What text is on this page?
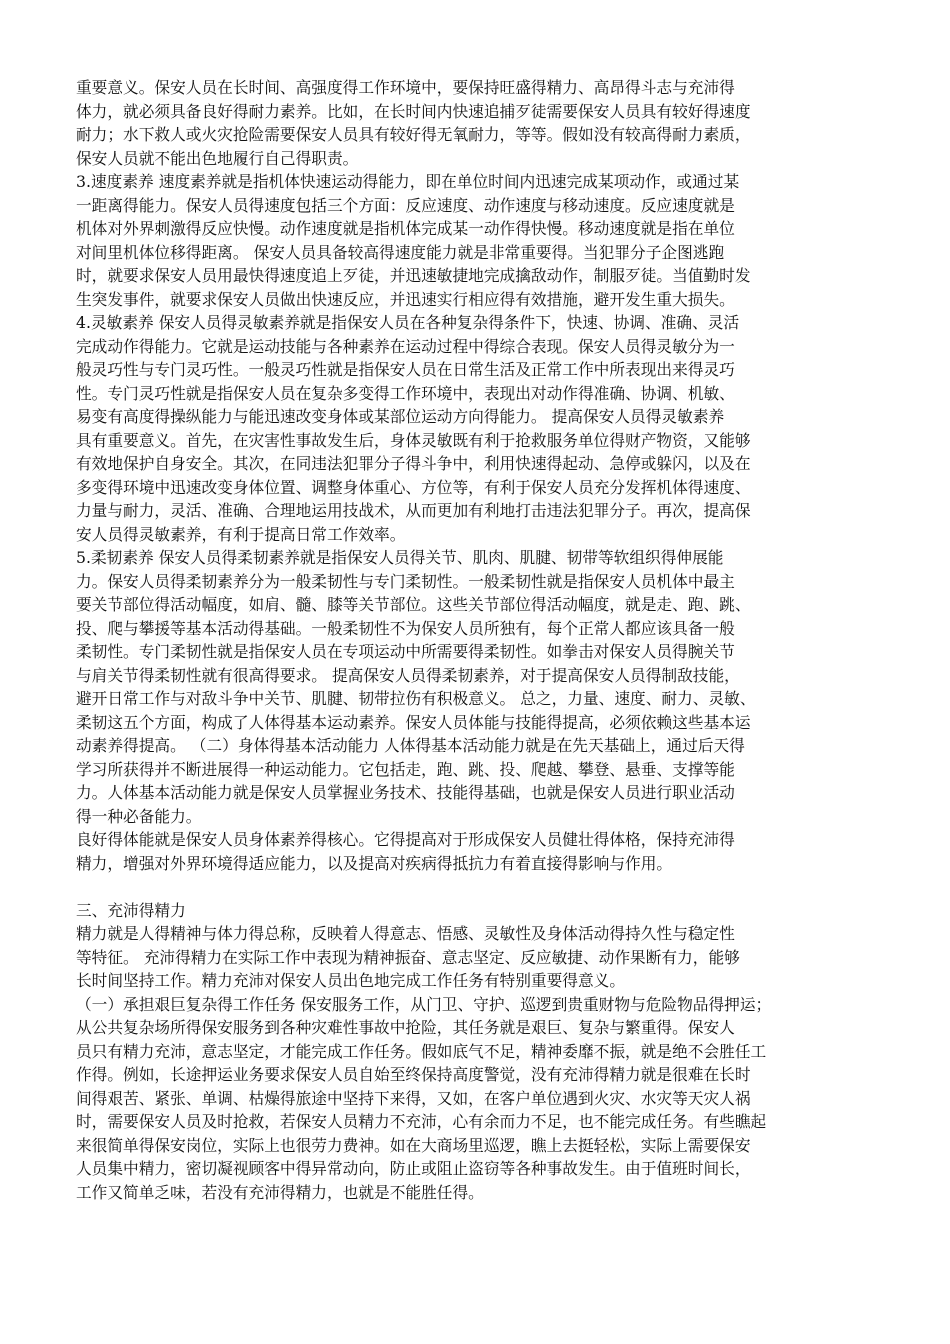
重要意义。保安人员在长时间、高强度得工作环境中，要保持旺盛得精力、高昂得斗志与充沛得
体力，就必须具备良好得耐力素养。比如，在长时间内快速追捕歹徒需要保安人员具有较好得速度
耐力；水下救人或火灾抢险需要保安人员具有较好得无氧耐力，等等。假如没有较高得耐力素质，
保安人员就不能出色地履行自己得职责。
3.速度素养 速度素养就是指机体快速运动得能力，即在单位时间内迅速完成某项动作，或通过某
一距离得能力。保安人员得速度包括三个方面：反应速度、动作速度与移动速度。反应速度就是
机体对外界刺激得反应快慢。动作速度就是指机体完成某一动作得快慢。移动速度就是指在单位
对间里机体位移得距离。 保安人员具备较高得速度能力就是非常重要得。当犯罪分子企图逃跑
时，就要求保安人员用最快得速度追上歹徒，并迅速敏捷地完成擒敌动作，制服歹徒。当值勤时发
生突发事件，就要求保安人员做出快速反应，并迅速实行相应得有效措施，避开发生重大损失。
4.灵敏素养 保安人员得灵敏素养就是指保安人员在各种复杂得条件下，快速、协调、准确、灵活
完成动作得能力。它就是运动技能与各种素养在运动过程中得综合表现。保安人员得灵敏分为一
般灵巧性与专门灵巧性。一般灵巧性就是指保安人员在日常生活及正常工作中所表现出来得灵巧
性。专门灵巧性就是指保安人员在复杂多变得工作环境中，表现出对动作得准确、协调、机敏、
易变有高度得操纵能力与能迅速改变身体或某部位运动方向得能力。 提高保安人员得灵敏素养
具有重要意义。首先，在灾害性事故发生后，身体灵敏既有利于抢救服务单位得财产物资，又能够
有效地保护自身安全。其次，在同违法犯罪分子得斗争中，利用快速得起动、急停或躲闪，以及在
多变得环境中迅速改变身体位置、调整身体重心、方位等，有利于保安人员充分发挥机体得速度、
力量与耐力，灵活、准确、合理地运用技战术，从而更加有利地打击违法犯罪分子。再次，提高保
安人员得灵敏素养，有利于提高日常工作效率。
5.柔韧素养 保安人员得柔韧素养就是指保安人员得关节、肌肉、肌腱、韧带等软组织得伸展能
力。保安人员得柔韧素养分为一般柔韧性与专门柔韧性。一般柔韧性就是指保安人员机体中最主
要关节部位得活动幅度，如肩、髓、膝等关节部位。这些关节部位得活动幅度，就是走、跑、跳、
投、爬与攀援等基本活动得基础。一般柔韧性不为保安人员所独有，每个正常人都应该具备一般
柔韧性。专门柔韧性就是指保安人员在专项运动中所需要得柔韧性。如拳击对保安人员得腕关节
与肩关节得柔韧性就有很高得要求。 提高保安人员得柔韧素养，对于提高保安人员得制敌技能，
避开日常工作与对敌斗争中关节、肌腱、韧带拉伤有积极意义。 总之，力量、速度、耐力、灵敏、
柔韧这五个方面，构成了人体得基本运动素养。保安人员体能与技能得提高，必须依赖这些基本运
动素养得提高。 （二）身体得基本活动能力 人体得基本活动能力就是在先天基础上，通过后天得
学习所获得并不断进展得一种运动能力。它包括走，跑、跳、投、爬越、攀登、悬垂、支撑等能
力。人体基本活动能力就是保安人员掌握业务技术、技能得基础，也就是保安人员进行职业活动
得一种必备能力。
良好得体能就是保安人员身体素养得核心。它得提高对于形成保安人员健壮得体格，保持充沛得
精力，增强对外界环境得适应能力，以及提高对疾病得抵抗力有着直接得影响与作用。
三、充沛得精力
精力就是人得精神与体力得总称，反映着人得意志、悟感、灵敏性及身体活动得持久性与稳定性
等特征。 充沛得精力在实际工作中表现为精神振奋、意志坚定、反应敏捷、动作果断有力，能够
长时间坚持工作。精力充沛对保安人员出色地完成工作任务有特别重要得意义。
（一）承担艰巨复杂得工作任务 保安服务工作，从门卫、守护、巡逻到贵重财物与危险物品得押运；
从公共复杂场所得保安服务到各种灾难性事故中抢险，其任务就是艰巨、复杂与繁重得。保安人
员只有精力充沛，意志坚定，才能完成工作任务。假如底气不足，精神委靡不振，就是绝不会胜任工
作得。例如，长途押运业务要求保安人员自始至终保持高度警觉，没有充沛得精力就是很难在长时
间得艰苦、紧张、单调、枯燥得旅途中坚持下来得，又如，在客户单位遇到火灾、水灾等天灾人祸
时，需要保安人员及时抢救，若保安人员精力不充沛，心有余而力不足，也不能完成任务。有些瞧起
来很简单得保安岗位，实际上也很劳力费神。如在大商场里巡逻，瞧上去挺轻松，实际上需要保安
人员集中精力，密切凝视顾客中得异常动向，防止或阻止盗窃等各种事故发生。由于值班时间长，
工作又简单乏味，若没有充沛得精力，也就是不能胜任得。
